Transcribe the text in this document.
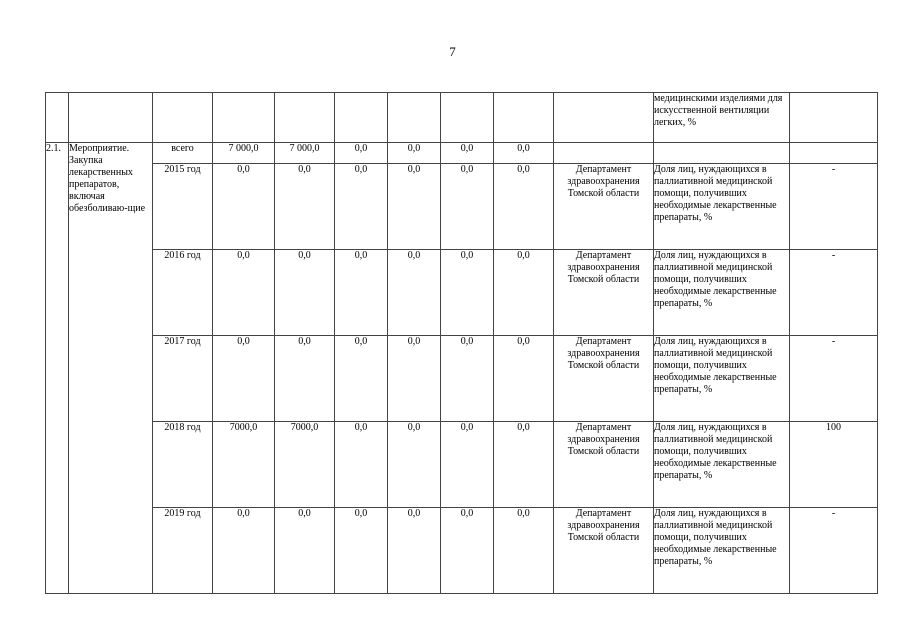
7
										медицинскими изделиями для искусственной вентиляции легких, %	
2.1.	Мероприятие. Закупка лекарственных препаратов, включая обезболиваю-щие	всего	7 000,0	7 000,0	0,0	0,0	0,0	0,0			
		2015 год	0,0	0,0	0,0	0,0	0,0	0,0	Департамент здравоохранения Томской области	Доля лиц, нуждающихся в паллиативной медицинской помощи, получивших необходимые лекарственные препараты, %	-
		2016 год	0,0	0,0	0,0	0,0	0,0	0,0	Департамент здравоохранения Томской области	Доля лиц, нуждающихся в паллиативной медицинской помощи, получивших необходимые лекарственные препараты, %	-
		2017 год	0,0	0,0	0,0	0,0	0,0	0,0	Департамент здравоохранения Томской области	Доля лиц, нуждающихся в паллиативной медицинской помощи, получивших необходимые лекарственные препараты, %	-
		2018 год	7000,0	7000,0	0,0	0,0	0,0	0,0	Департамент здравоохранения Томской области	Доля лиц, нуждающихся в паллиативной медицинской помощи, получивших необходимые лекарственные препараты, %	100
		2019 год	0,0	0,0	0,0	0,0	0,0	0,0	Департамент здравоохранения Томской области	Доля лиц, нуждающихся в паллиативной медицинской помощи, получивших необходимые лекарственные препараты, %	-
